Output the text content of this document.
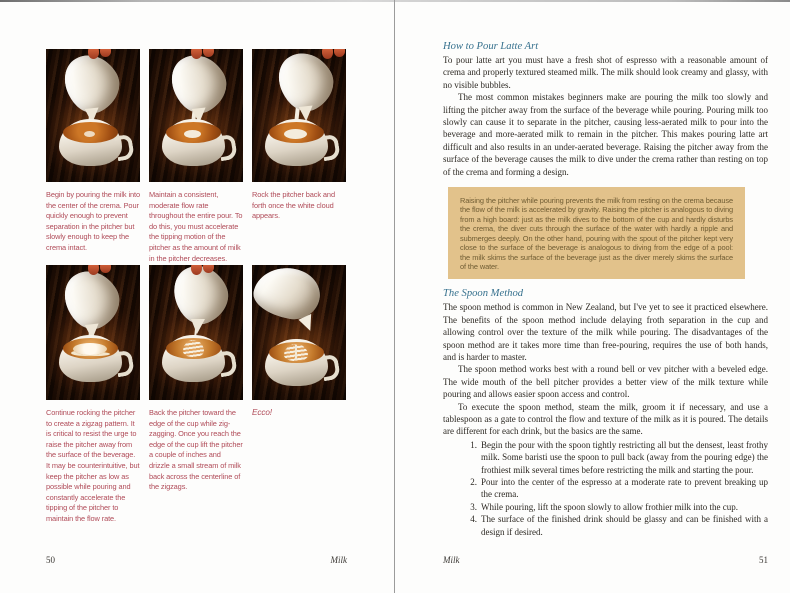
Begin by pouring the milk into the center of the crema. Pour quickly enough to prevent separation in the pitcher but slowly enough to keep the crema intact.
Maintain a consistent, moderate flow rate throughout the entire pour. To do this, you must accelerate the tipping motion of the pitcher as the amount of milk in the pitcher decreases.
Rock the pitcher back and forth once the white cloud appears.
Continue rocking the pitcher to create a zigzag pattern. It is critical to resist the urge to raise the pitcher away from the surface of the beverage. It may be counterintuitive, but keep the pitcher as low as possible while pouring and constantly accelerate the tipping of the pitcher to maintain the flow rate.
Back the pitcher toward the edge of the cup while zig-zagging. Once you reach the edge of the cup lift the pitcher a couple of inches and drizzle a small stream of milk back across the centerline of the zigzags.
Ecco!
50	Milk
How to Pour Latte Art

To pour latte art you must have a fresh shot of espresso with a reasonable amount of crema and properly textured steamed milk. The milk should look creamy and glassy, with no visible bubbles.

The most common mistakes beginners make are pouring the milk too slowly and lifting the pitcher away from the surface of the beverage while pouring. Pouring milk too slowly can cause it to separate in the pitcher, causing less-aerated milk to pour into the beverage and more-aerated milk to remain in the pitcher. This makes pouring latte art difficult and also results in an under-aerated beverage. Raising the pitcher away from the surface of the beverage causes the milk to dive under the crema rather than resting on top of the crema and forming a design.

Raising the pitcher while pouring prevents the milk from resting on the crema because the flow of the milk is accelerated by gravity. Raising the pitcher is analogous to diving from a high board: just as the milk dives to the bottom of the cup and hardly disturbs the crema, the diver cuts through the surface of the water with hardly a ripple and submerges deeply. On the other hand, pouring with the spout of the pitcher kept very close to the surface of the beverage is analogous to diving from the edge of a pool: the milk skims the surface of the beverage just as the diver merely skims the surface of the water.

The Spoon Method

The spoon method is common in New Zealand, but I've yet to see it practiced elsewhere. The benefits of the spoon method include delaying froth separation in the cup and allowing control over the texture of the milk while pouring. The disadvantages of the spoon method are it takes more time than free-pouring, requires the use of both hands, and is harder to master.

The spoon method works best with a round bell or vev pitcher with a beveled edge. The wide mouth of the bell pitcher provides a better view of the milk texture while pouring and allows easier spoon access and control.

To execute the spoon method, steam the milk, groom it if necessary, and use a tablespoon as a gate to control the flow and texture of the milk as it is poured. The details are different for each drink, but the basics are the same.

1. Begin the pour with the spoon tightly restricting all but the densest, least frothy milk. Some baristi use the spoon to pull back (away from the pouring edge) the frothiest milk several times before restricting the milk and starting the pour.
2. Pour into the center of the espresso at a moderate rate to prevent breaking up the crema.
3. While pouring, lift the spoon slowly to allow frothier milk into the cup.
4. The surface of the finished drink should be glassy and can be finished with a design if desired.
Milk	51
